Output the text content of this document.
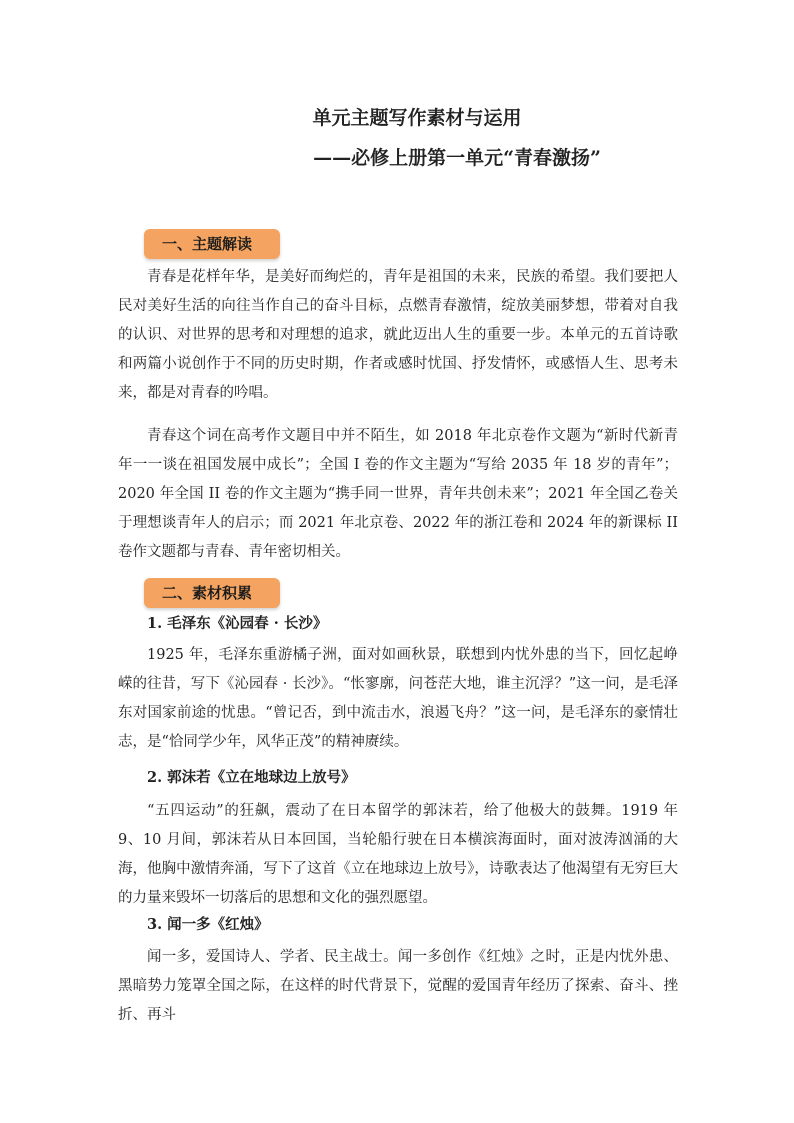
单元主题写作素材与运用
——必修上册第一单元“青春激扬”
一、主题解读

青春是花样年华，是美好而绚烂的，青年是祖国的未来，民族的希望。我们要把人民对美好生活的向往当作自己的奋斗目标，点燃青春激情，绽放美丽梦想，带着对自我的认识、对世界的思考和对理想的追求，就此迈出人生的重要一步。本单元的五首诗歌和两篇小说创作于不同的历史时期，作者或感时忧国、抒发情怀，或感悟人生、思考未来，都是对青春的吟唱。

青春这个词在高考作文题目中并不陌生，如 2018 年北京卷作文题为“新时代新青年一一谈在祖国发展中成长”；全国 I 卷的作文主题为“写给 2035 年 18 岁的青年”；2020 年全国 II 卷的作文主题为“携手同一世界，青年共创未来”；2021 年全国乙卷关于理想谈青年人的启示；而 2021 年北京卷、2022 年的浙江卷和 2024 年的新课标 II 卷作文题都与青春、青年密切相关。

二、素材积累

1. 毛泽东《沁园春 · 长沙》

1925 年，毛泽东重游橘子洲，面对如画秋景，联想到内忧外患的当下，回忆起峥嵘的往昔，写下《沁园春 · 长沙》。“怅寥廓，问苍茫大地，谁主沉浮？”这一问，是毛泽东对国家前途的忧患。“曾记否，到中流击水，浪遏飞舟？”这一问，是毛泽东的豪情壮志，是“恰同学少年，风华正茂”的精神赓续。

2. 郭沫若《立在地球边上放号》

“五四运动”的狂飙，震动了在日本留学的郭沫若，给了他极大的鼓舞。1919 年 9、10 月间，郭沫若从日本回国，当轮船行驶在日本横滨海面时，面对波涛汹涌的大海，他胸中激情奔涌，写下了这首《立在地球边上放号》，诗歌表达了他渴望有无穷巨大的力量来毁坏一切落后的思想和文化的强烈愿望。

3. 闻一多《红烛》

闻一多，爱国诗人、学者、民主战士。闻一多创作《红烛》之时，正是内忧外患、黑暗势力笼罩全国之际，在这样的时代背景下，觉醒的爱国青年经历了探索、奋斗、挫折、再斗
